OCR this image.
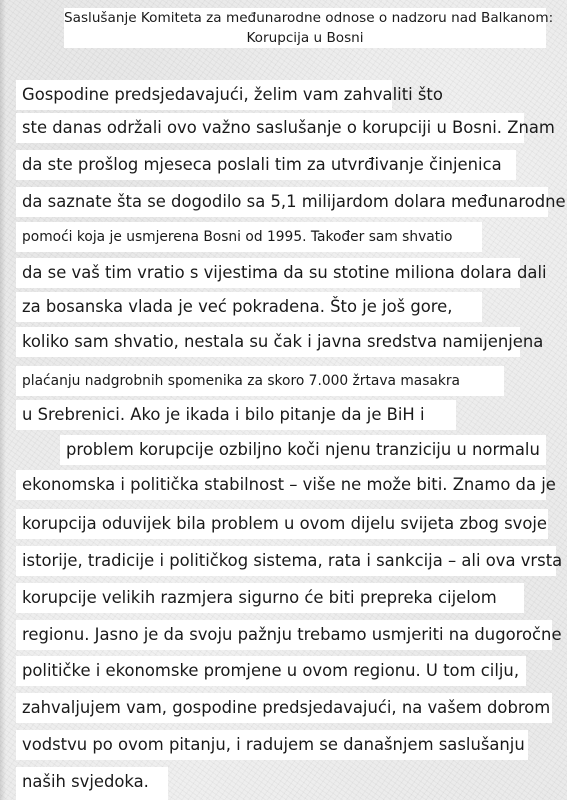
Saslušanje Komiteta za međunarodne odnose o nadzoru nad Balkanom:
Korupcija u Bosni
Gospodine predsjedavajući, želim vam zahvaliti što
ste danas održali ovo važno saslušanje o korupciji u Bosni. Znam
da ste prošlog mjeseca poslali tim za utvrđivanje činjenica
da saznate šta se dogodilo sa 5,1 milijardom dolara međunarodne
pomoći koja je usmjerena Bosni od 1995. Također sam shvatio
da se vaš tim vratio s vijestima da su stotine miliona dolara dali
za bosanska vlada je već pokradena. Što je još gore,
koliko sam shvatio, nestala su čak i javna sredstva namijenjena
plaćanju nadgrobnih spomenika za skoro 7.000 žrtava masakra
u Srebrenici. Ako je ikada i bilo pitanje da je BiH i
problem korupcije ozbiljno koči njenu tranziciju u normalu
ekonomska i politička stabilnost – više ne može biti. Znamo da je
korupcija oduvijek bila problem u ovom dijelu svijeta zbog svoje
istorije, tradicije i političkog sistema, rata i sankcija – ali ova vrsta
korupcije velikih razmjera sigurno će biti prepreka cijelom
regionu. Jasno je da svoju pažnju trebamo usmjeriti na dugoročne
političke i ekonomske promjene u ovom regionu. U tom cilju,
zahvaljujem vam, gospodine predsjedavajući, na vašem dobrom
vodstvu po ovom pitanju, i radujem se današnjem saslušanju
naših svjedoka.
